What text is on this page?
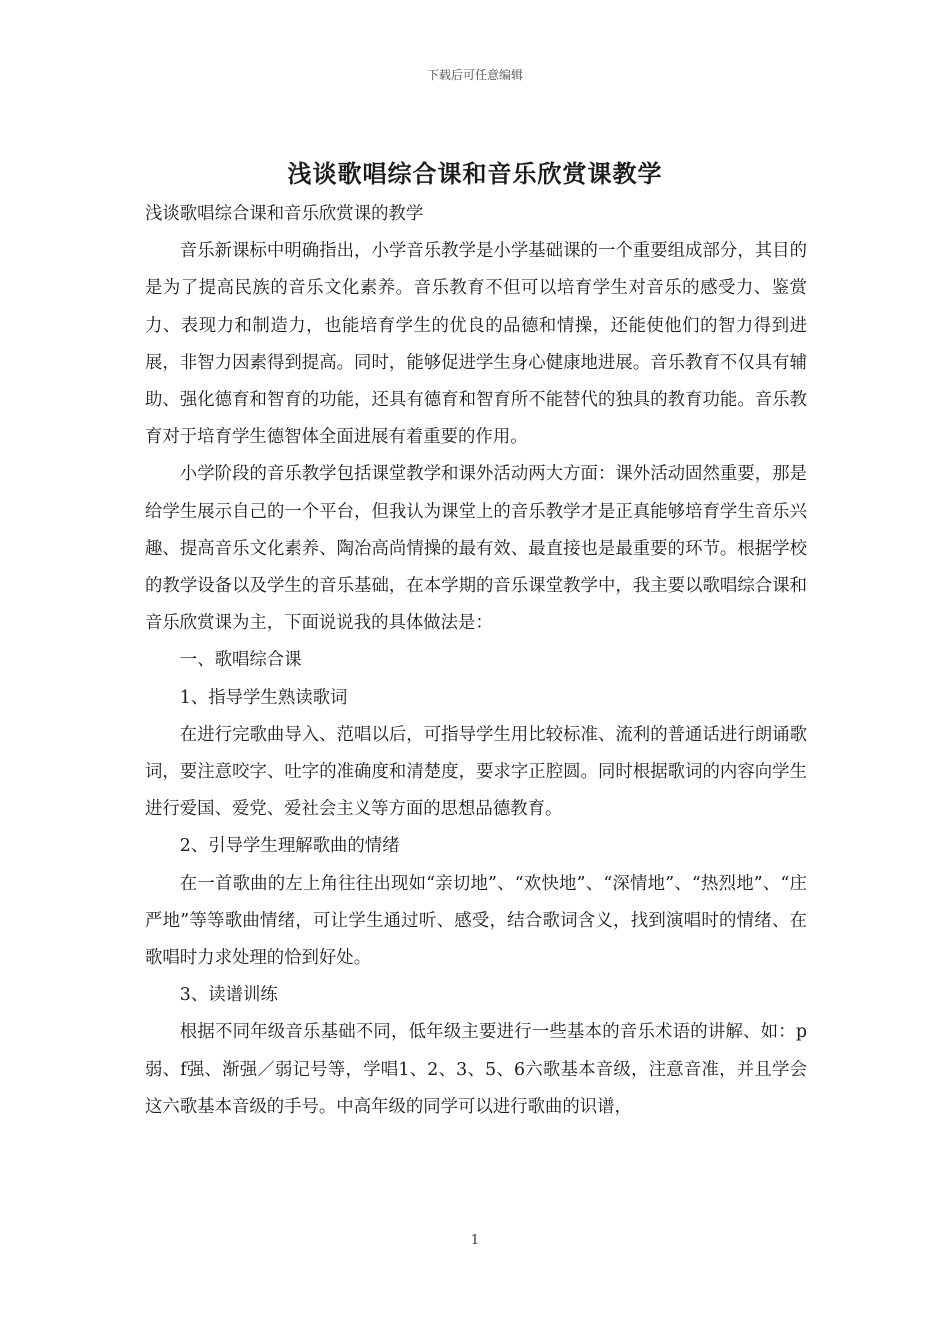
下载后可任意编辑
浅谈歌唱综合课和音乐欣赏课教学

浅谈歌唱综合课和音乐欣赏课的教学

音乐新课标中明确指出，小学音乐教学是小学基础课的一个重要组成部分，其目的是为了提高民族的音乐文化素养。音乐教育不但可以培育学生对音乐的感受力、鉴赏力、表现力和制造力，也能培育学生的优良的品德和情操，还能使他们的智力得到进展，非智力因素得到提高。同时，能够促进学生身心健康地进展。音乐教育不仅具有辅助、强化德育和智育的功能，还具有德育和智育所不能替代的独具的教育功能。音乐教育对于培育学生德智体全面进展有着重要的作用。

小学阶段的音乐教学包括课堂教学和课外活动两大方面：课外活动固然重要，那是给学生展示自己的一个平台，但我认为课堂上的音乐教学才是正真能够培育学生音乐兴趣、提高音乐文化素养、陶冶高尚情操的最有效、最直接也是最重要的环节。根据学校的教学设备以及学生的音乐基础，在本学期的音乐课堂教学中，我主要以歌唱综合课和音乐欣赏课为主，下面说说我的具体做法是：

一、歌唱综合课

1、指导学生熟读歌词

在进行完歌曲导入、范唱以后，可指导学生用比较标准、流利的普通话进行朗诵歌词，要注意咬字、吐字的准确度和清楚度，要求字正腔圆。同时根据歌词的内容向学生进行爱国、爱党、爱社会主义等方面的思想品德教育。

2、引导学生理解歌曲的情绪

在一首歌曲的左上角往往出现如“亲切地”、“欢快地”、“深情地”、“热烈地”、“庄严地”等等歌曲情绪，可让学生通过听、感受，结合歌词含义，找到演唱时的情绪、在歌唱时力求处理的恰到好处。

3、读谱训练

根据不同年级音乐基础不同，低年级主要进行一些基本的音乐术语的讲解、如：p弱、f强、渐强／弱记号等，学唱1、2、3、5、6六歌基本音级，注意音准，并且学会这六歌基本音级的手号。中高年级的同学可以进行歌曲的识谱，

1
